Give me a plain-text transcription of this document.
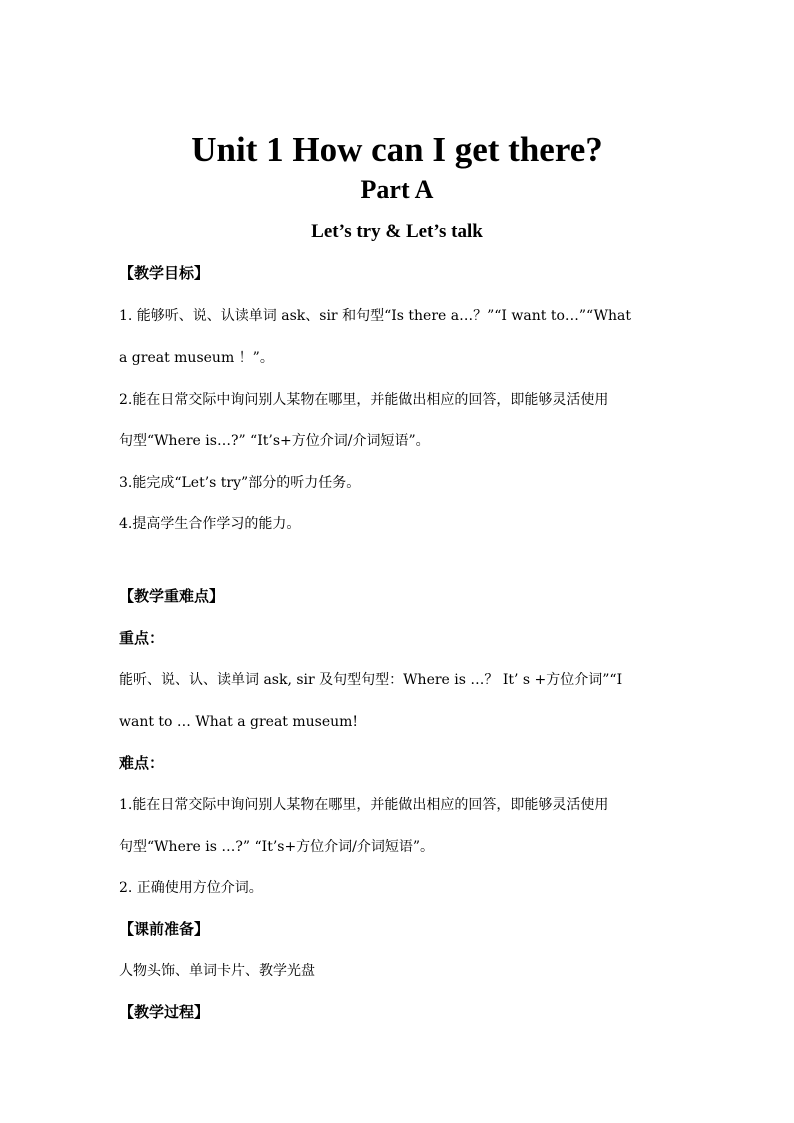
Unit 1 How can I get there?
Part A
Let’s try & Let’s talk
【教学目标】
1. 能够听、说、认读单词 ask、sir 和句型“Is there a…？”“I want to…”“What
a great museum ！”。
2.能在日常交际中询问别人某物在哪里，并能做出相应的回答，即能够灵活使用
句型“Where is…?” “It’s+方位介词/介词短语”。
3.能完成“Let’s try”部分的听力任务。
4.提高学生合作学习的能力。
【教学重难点】
重点：
能听、说、认、读单词 ask, sir 及句型句型：Where is …？ It’ s +方位介词”“I
want to … What a great museum!
难点：
1.能在日常交际中询问别人某物在哪里，并能做出相应的回答，即能够灵活使用
句型“Where is …?” “It’s+方位介词/介词短语”。
2. 正确使用方位介词。
【课前准备】
人物头饰、单词卡片、教学光盘
【教学过程】
